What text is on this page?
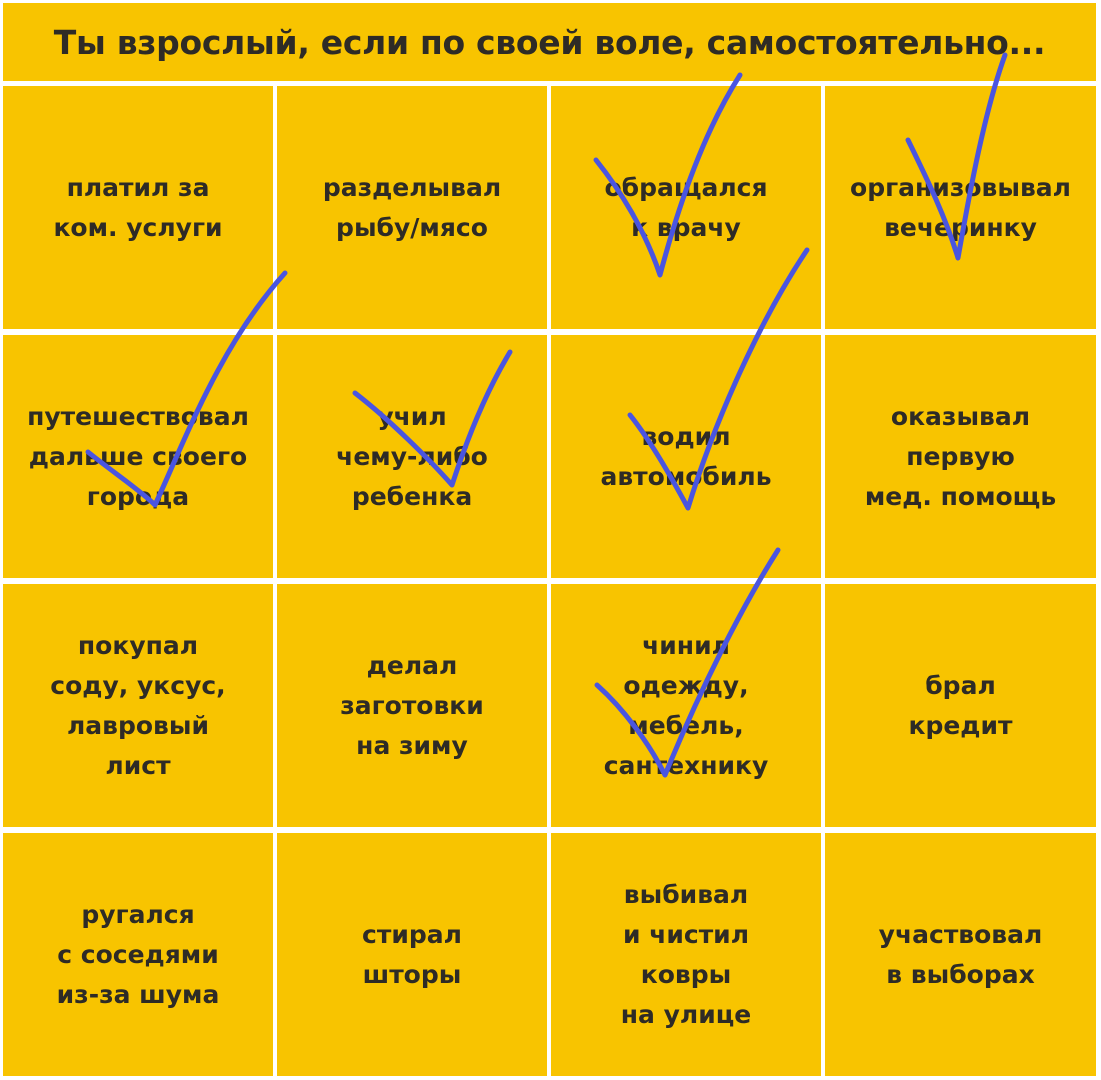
Ты взрослый, если по своей воле, самостоятельно...
платил за
ком. услуги
разделывал
рыбу/мясо
обращался
к врачу
организовывал
вечеринку
путешествовал
дальше своего
города
учил
чему-либо
ребенка
водил
автомобиль
оказывал
первую
мед. помощь
покупал
соду, уксус,
лавровый
лист
делал
заготовки
на зиму
чинил
одежду,
мебель,
сантехнику
брал
кредит
ругался
с соседями
из-за шума
стирал
шторы
выбивал
и чистил
ковры
на улице
участвовал
в выборах
